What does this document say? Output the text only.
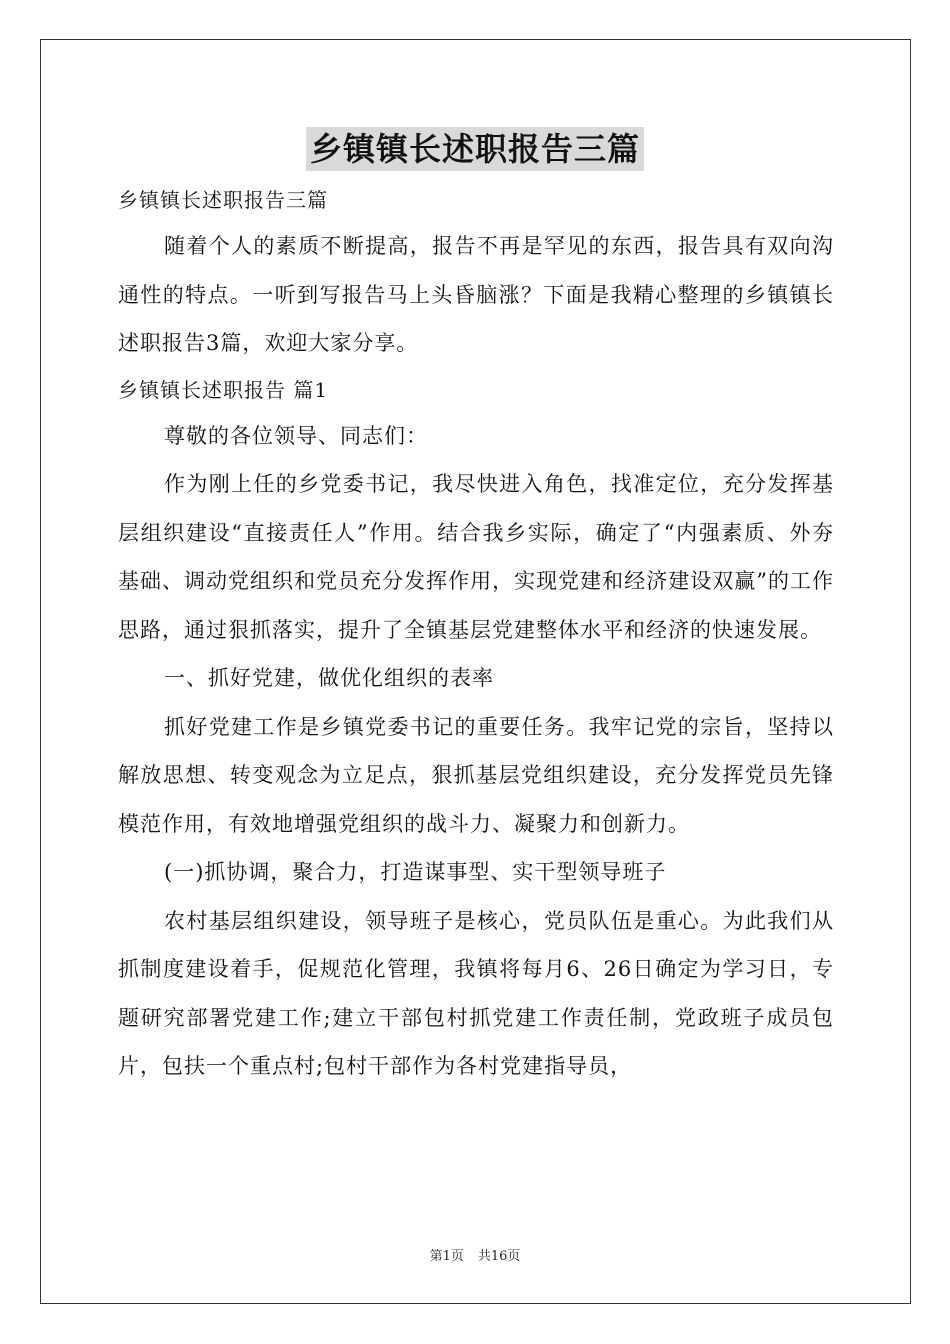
乡镇镇长述职报告三篇

乡镇镇长述职报告三篇

随着个人的素质不断提高，报告不再是罕见的东西，报告具有双向沟通性的特点。一听到写报告马上头昏脑涨？下面是我精心整理的乡镇镇长述职报告3篇，欢迎大家分享。

乡镇镇长述职报告 篇1

尊敬的各位领导、同志们：

作为刚上任的乡党委书记，我尽快进入角色，找准定位，充分发挥基层组织建设“直接责任人”作用。结合我乡实际，确定了“内强素质、外夯基础、调动党组织和党员充分发挥作用，实现党建和经济建设双赢”的工作思路，通过狠抓落实，提升了全镇基层党建整体水平和经济的快速发展。

一、抓好党建，做优化组织的表率

抓好党建工作是乡镇党委书记的重要任务。我牢记党的宗旨，坚持以解放思想、转变观念为立足点，狠抓基层党组织建设，充分发挥党员先锋模范作用，有效地增强党组织的战斗力、凝聚力和创新力。

(一)抓协调，聚合力，打造谋事型、实干型领导班子

农村基层组织建设，领导班子是核心，党员队伍是重心。为此我们从抓制度建设着手，促规范化管理，我镇将每月6、26日确定为学习日，专题研究部署党建工作;建立干部包村抓党建工作责任制，党政班子成员包片，包扶一个重点村;包村干部作为各村党建指导员，

第1页 共16页
